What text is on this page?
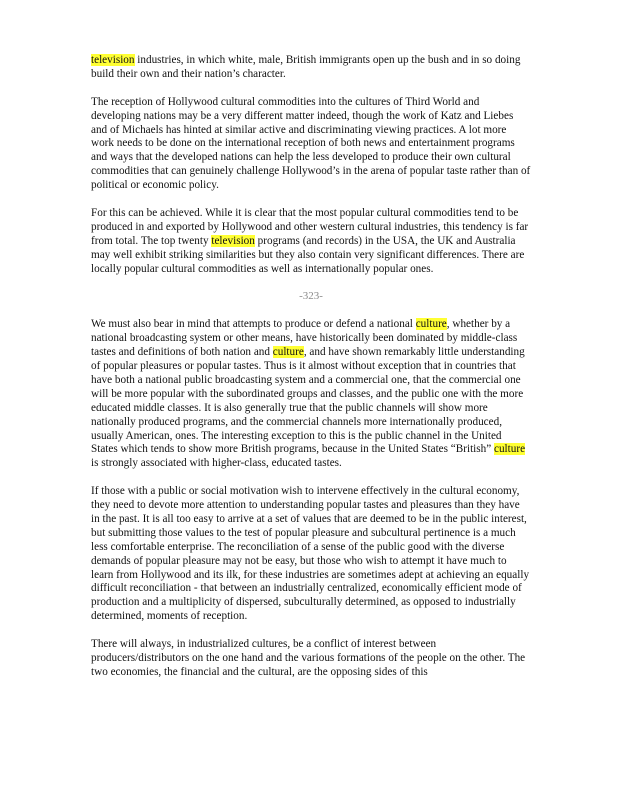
television industries, in which white, male, British immigrants open up the bush and in so doing build their own and their nation’s character.

The reception of Hollywood cultural commodities into the cultures of Third World and developing nations may be a very different matter indeed, though the work of Katz and Liebes and of Michaels has hinted at similar active and discriminating viewing practices. A lot more work needs to be done on the international reception of both news and entertainment programs and ways that the developed nations can help the less developed to produce their own cultural commodities that can genuinely challenge Hollywood’s in the arena of popular taste rather than of political or economic policy.

For this can be achieved. While it is clear that the most popular cultural commodities tend to be produced in and exported by Hollywood and other western cultural industries, this tendency is far from total. The top twenty television programs (and records) in the USA, the UK and Australia may well exhibit striking similarities but they also contain very significant differences. There are locally popular cultural commodities as well as internationally popular ones.

-323-

We must also bear in mind that attempts to produce or defend a national culture, whether by a national broadcasting system or other means, have historically been dominated by middle-class tastes and definitions of both nation and culture, and have shown remarkably little understanding of popular pleasures or popular tastes. Thus is it almost without exception that in countries that have both a national public broadcasting system and a commercial one, that the commercial one will be more popular with the subordinated groups and classes, and the public one with the more educated middle classes. It is also generally true that the public channels will show more nationally produced programs, and the commercial channels more internationally produced, usually American, ones. The interesting exception to this is the public channel in the United States which tends to show more British programs, because in the United States “British” culture is strongly associated with higher-class, educated tastes.

If those with a public or social motivation wish to intervene effectively in the cultural economy, they need to devote more attention to understanding popular tastes and pleasures than they have in the past. It is all too easy to arrive at a set of values that are deemed to be in the public interest, but submitting those values to the test of popular pleasure and subcultural pertinence is a much less comfortable enterprise. The reconciliation of a sense of the public good with the diverse demands of popular pleasure may not be easy, but those who wish to attempt it have much to learn from Hollywood and its ilk, for these industries are sometimes adept at achieving an equally difficult reconciliation - that between an industrially centralized, economically efficient mode of production and a multiplicity of dispersed, subculturally determined, as opposed to industrially determined, moments of reception.

There will always, in industrialized cultures, be a conflict of interest between producers/distributors on the one hand and the various formations of the people on the other. The two economies, the financial and the cultural, are the opposing sides of this
